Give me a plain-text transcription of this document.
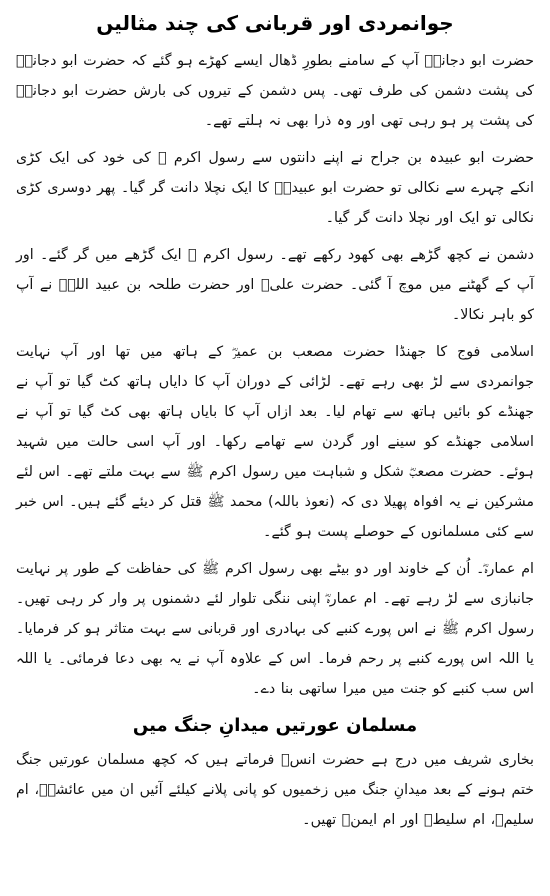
جوانمردی اور قربانی کی چند مثالیں

حضرت ابو دجانہؓ آپ کے سامنے بطورِ ڈھال ایسے کھڑے ہو گئے کہ حضرت ابو دجانہؓ کی پشت دشمن کی طرف تھی۔ پس دشمن کے تیروں کی بارش حضرت ابو دجانہؓ کی پشت پر ہو رہی تھی اور وہ ذرا بھی نہ ہلتے تھے۔

حضرت ابو عبیدہ بن جراح نے اپنے دانتوں سے رسول اکرم ﷺ کی خود کی ایک کڑی انکے چہرے سے نکالی تو حضرت ابو عبیدہؓ کا ایک نچلا دانت گر گیا۔ پھر دوسری کڑی نکالی تو ایک اور نچلا دانت گر گیا۔

دشمن نے کچھ گڑھے بھی کھود رکھے تھے۔ رسول اکرم ﷺ ایک گڑھے میں گر گئے۔ اور آپ کے گھٹنے میں موچ آ گئی۔ حضرت علیؓ اور حضرت طلحہ بن عبید اللہؓ نے آپ کو باہر نکالا۔

اسلامی فوج کا جھنڈا حضرت مصعب بن عمیرؓ کے ہاتھ میں تھا اور آپ نہایت جوانمردی سے لڑ بھی رہے تھے۔ لڑائی کے دوران آپ کا دایاں ہاتھ کٹ گیا تو آپ نے جھنڈے کو بائیں ہاتھ سے تھام لیا۔ بعد ازاں آپ کا بایاں ہاتھ بھی کٹ گیا تو آپ نے اسلامی جھنڈے کو سینے اور گردن سے تھامے رکھا۔ اور آپ اسی حالت میں شہید ہوئے۔ حضرت مصعبؓ شکل و شباہت میں رسول اکرم ﷺ سے بہت ملتے تھے۔ اس لئے مشرکین نے یہ افواہ پھیلا دی کہ (نعوذ باللہ) محمد ﷺ قتل کر دیئے گئے ہیں۔ اس خبر سے کئی مسلمانوں کے حوصلے پست ہو گئے۔

ام عمارہؓ۔ اُن کے خاوند اور دو بیٹے بھی رسول اکرم ﷺ کی حفاظت کے طور پر نہایت جانبازی سے لڑ رہے تھے۔ ام عمارہؓ اپنی ننگی تلوار لئے دشمنوں پر وار کر رہی تھیں۔ رسول اکرم ﷺ نے اس پورے کنبے کی بہادری اور قربانی سے بہت متاثر ہو کر فرمایا۔ یا اللہ اس پورے کنبے پر رحم فرما۔ اس کے علاوہ آپ نے یہ بھی دعا فرمائی۔ یا اللہ اس سب کنبے کو جنت میں میرا ساتھی بنا دے۔

مسلمان عورتیں میدانِ جنگ میں

بخاری شریف میں درج ہے حضرت انسؓ فرماتے ہیں کہ کچھ مسلمان عورتیں جنگ ختم ہونے کے بعد میدانِ جنگ میں زخمیوں کو پانی پلانے کیلئے آئیں ان میں عائشہؓ، ام سلیمؓ، ام سلیطؓ اور ام ایمنؓ تھیں۔
